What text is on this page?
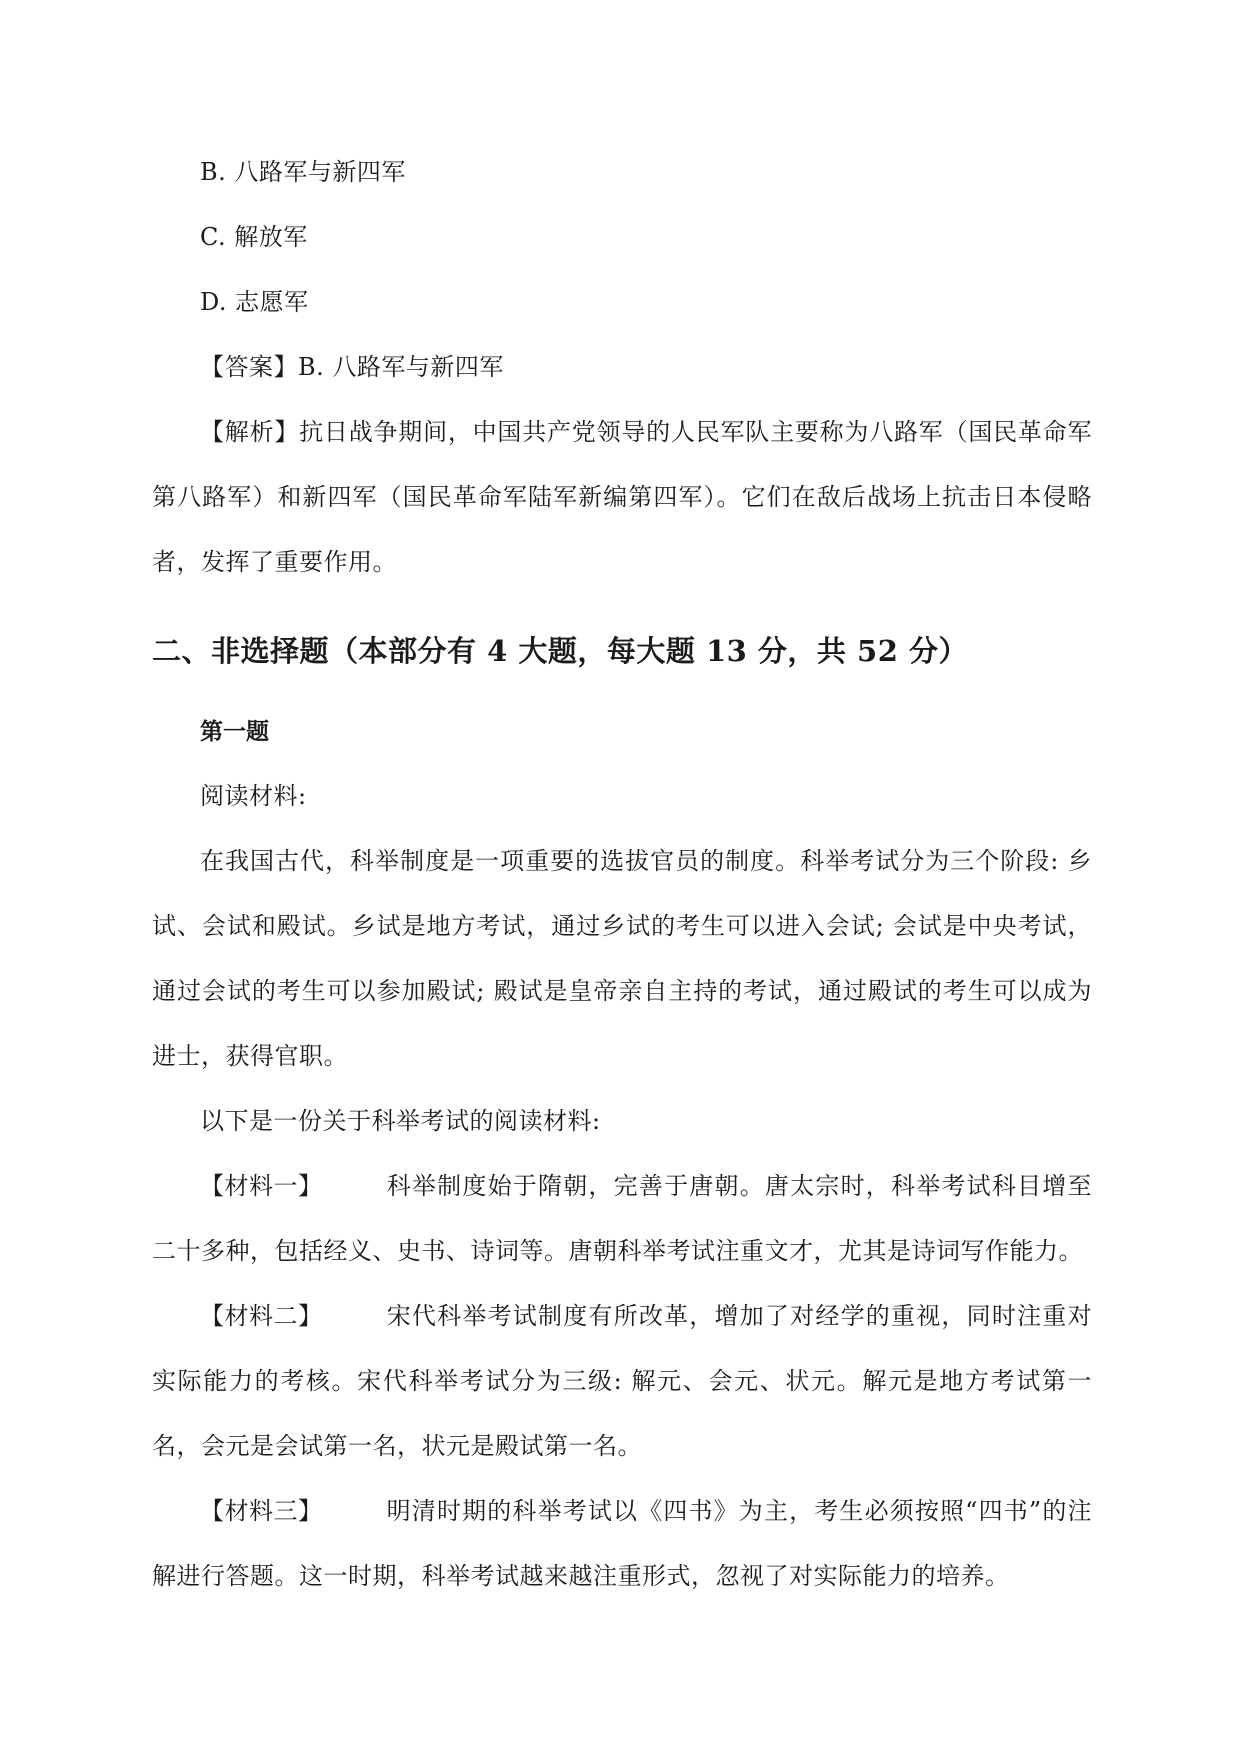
B. 八路军与新四军

C. 解放军

D. 志愿军

【答案】B. 八路军与新四军

【解析】抗日战争期间，中国共产党领导的人民军队主要称为八路军（国民革命军第八路军）和新四军（国民革命军陆军新编第四军）。它们在敌后战场上抗击日本侵略者，发挥了重要作用。

二、非选择题（本部分有 4 大题，每大题 13 分，共 52 分）
第一题

阅读材料:

在我国古代，科举制度是一项重要的选拔官员的制度。科举考试分为三个阶段: 乡试、会试和殿试。乡试是地方考试，通过乡试的考生可以进入会试; 会试是中央考试，通过会试的考生可以参加殿试; 殿试是皇帝亲自主持的考试，通过殿试的考生可以成为进士，获得官职。

以下是一份关于科举考试的阅读材料:

【材料一】	科举制度始于隋朝，完善于唐朝。唐太宗时，科举考试科目增至二十多种，包括经义、史书、诗词等。唐朝科举考试注重文才，尤其是诗词写作能力。

【材料二】	宋代科举考试制度有所改革，增加了对经学的重视，同时注重对实际能力的考核。宋代科举考试分为三级: 解元、会元、状元。解元是地方考试第一名，会元是会试第一名，状元是殿试第一名。

【材料三】	明清时期的科举考试以《四书》为主，考生必须按照“四书”的注解进行答题。这一时期，科举考试越来越注重形式，忽视了对实际能力的培养。
